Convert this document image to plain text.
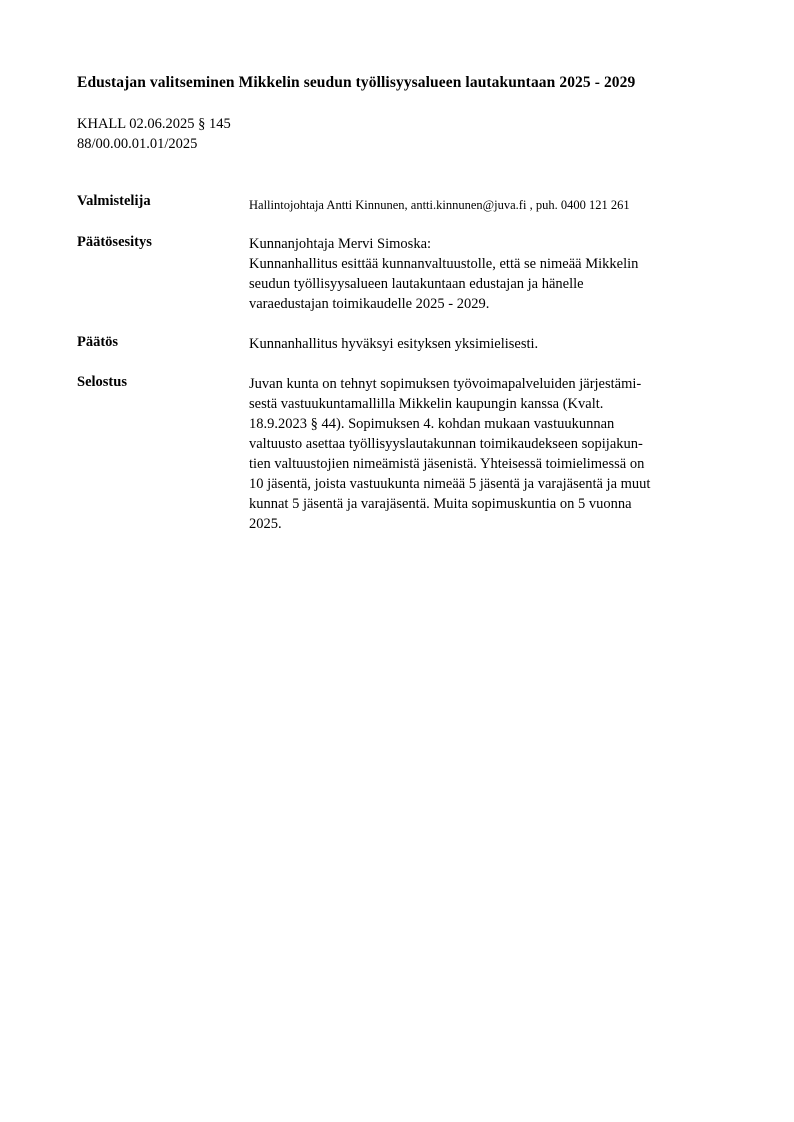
Edustajan valitseminen Mikkelin seudun työllisyysalueen lautakuntaan 2025 - 2029
KHALL 02.06.2025 § 145
88/00.00.01.01/2025
Valmistelija	Hallintojohtaja Antti Kinnunen, antti.kinnunen@juva.fi , puh. 0400 121 261
Päätösesitys	Kunnanjohtaja Mervi Simoska:
Kunnanhallitus esittää kunnanvaltuustolle, että se nimeää Mikkelin
seudun työllisyysalueen lautakuntaan edustajan ja hänelle
varaedustajan toimikaudelle 2025 - 2029.
Päätös	Kunnanhallitus hyväksyi esityksen yksimielisesti.
Selostus	Juvan kunta on tehnyt sopimuksen työvoimapalveluiden järjestämi-
sestä vastuukuntamallilla Mikkelin kaupungin kanssa (Kvalt.
18.9.2023 § 44). Sopimuksen 4. kohdan mukaan vastuukunnan
valtuusto asettaa työllisyyslautakunnan toimikaudekseen sopijakun-
tien valtuustojien nimeämistä jäsenistä. Yhteisessä toimielimessä on
10 jäsentä, joista vastuukunta nimeää 5 jäsentä ja varajäsentä ja muut
kunnat 5 jäsentä ja varajäsentä. Muita sopimuskuntia on 5 vuonna
2025.
